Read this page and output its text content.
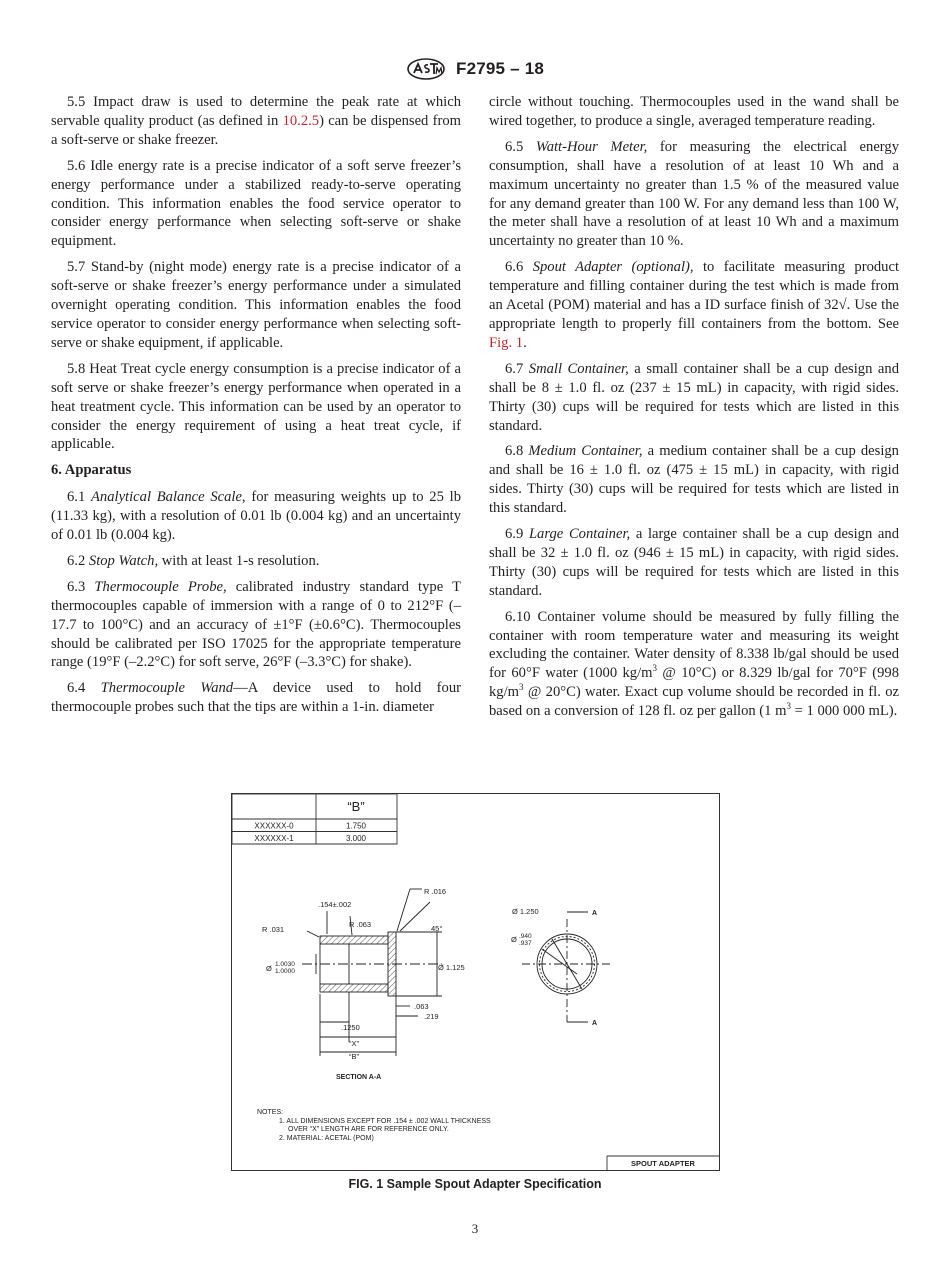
F2795 – 18

5.5 Impact draw is used to determine the peak rate at which servable quality product (as defined in 10.2.5) can be dispensed from a soft-serve or shake freezer.

5.6 Idle energy rate is a precise indicator of a soft serve freezer’s energy performance under a stabilized ready-to-serve operating condition. This information enables the food service operator to consider energy performance when selecting soft-serve or shake equipment.

5.7 Stand-by (night mode) energy rate is a precise indicator of a soft-serve or shake freezer’s energy performance under a simulated overnight operating condition. This information enables the food service operator to consider energy performance when selecting soft-serve or shake equipment, if applicable.

5.8 Heat Treat cycle energy consumption is a precise indicator of a soft serve or shake freezer’s energy performance when operated in a heat treatment cycle. This information can be used by an operator to consider the energy requirement of using a heat treat cycle, if applicable.

6. Apparatus

6.1 Analytical Balance Scale, for measuring weights up to 25 lb (11.33 kg), with a resolution of 0.01 lb (0.004 kg) and an uncertainty of 0.01 lb (0.004 kg).

6.2 Stop Watch, with at least 1-s resolution.

6.3 Thermocouple Probe, calibrated industry standard type T thermocouples capable of immersion with a range of 0 to 212°F (–17.7 to 100°C) and an accuracy of ±1°F (±0.6°C). Thermocouples should be calibrated per ISO 17025 for the appropriate temperature range (19°F (–2.2°C) for soft serve, 26°F (–3.3°C) for shake).

6.4 Thermocouple Wand—A device used to hold four thermocouple probes such that the tips are within a 1-in. diameter

circle without touching. Thermocouples used in the wand shall be wired together, to produce a single, averaged temperature reading.

6.5 Watt-Hour Meter, for measuring the electrical energy consumption, shall have a resolution of at least 10 Wh and a maximum uncertainty no greater than 1.5 % of the measured value for any demand greater than 100 W. For any demand less than 100 W, the meter shall have a resolution of at least 10 Wh and a maximum uncertainty no greater than 10 %.

6.6 Spout Adapter (optional), to facilitate measuring product temperature and filling container during the test which is made from an Acetal (POM) material and has a ID surface finish of 32√. Use the appropriate length to properly fill containers from the bottom. See Fig. 1.

6.7 Small Container, a small container shall be a cup design and shall be 8 ± 1.0 fl. oz (237 ± 15 mL) in capacity, with rigid sides. Thirty (30) cups will be required for tests which are listed in this standard.

6.8 Medium Container, a medium container shall be a cup design and shall be 16 ± 1.0 fl. oz (475 ± 15 mL) in capacity, with rigid sides. Thirty (30) cups will be required for tests which are listed in this standard.

6.9 Large Container, a large container shall be a cup design and shall be 32 ± 1.0 fl. oz (946 ± 15 mL) in capacity, with rigid sides. Thirty (30) cups will be required for tests which are listed in this standard.

6.10 Container volume should be measured by fully filling the container with room temperature water and measuring its weight excluding the container. Water density of 8.338 lb/gal should be used for 60°F water (1000 $kg/m^3$ @ 10°C) or 8.329 lb/gal for 70°F (998 $kg/m^3$ @ 20°C) water. Exact cup volume should be recorded in fl. oz based on a conversion of 128 fl. oz per gallon (1 $m^3 = 1$ 000 000 mL).

“B”
XXXXXX-0	1.750
XXXXXX-1	3.000
.154±.002
R .016
R .031
R .063	45°
Ø 1.0030
1.0000	Ø 1.125
.063
.219
.1250
“X”
“B”
SECTION A-A
Ø 1.250
Ø .940
.937
A
A
NOTES:
1. ALL DIMENSIONS EXCEPT FOR .154 ± .002 WALL THICKNESS
OVER “X” LENGTH ARE FOR REFERENCE ONLY.
2. MATERIAL: ACETAL (POM)
SPOUT ADAPTER
FIG. 1 Sample Spout Adapter Specification
3
